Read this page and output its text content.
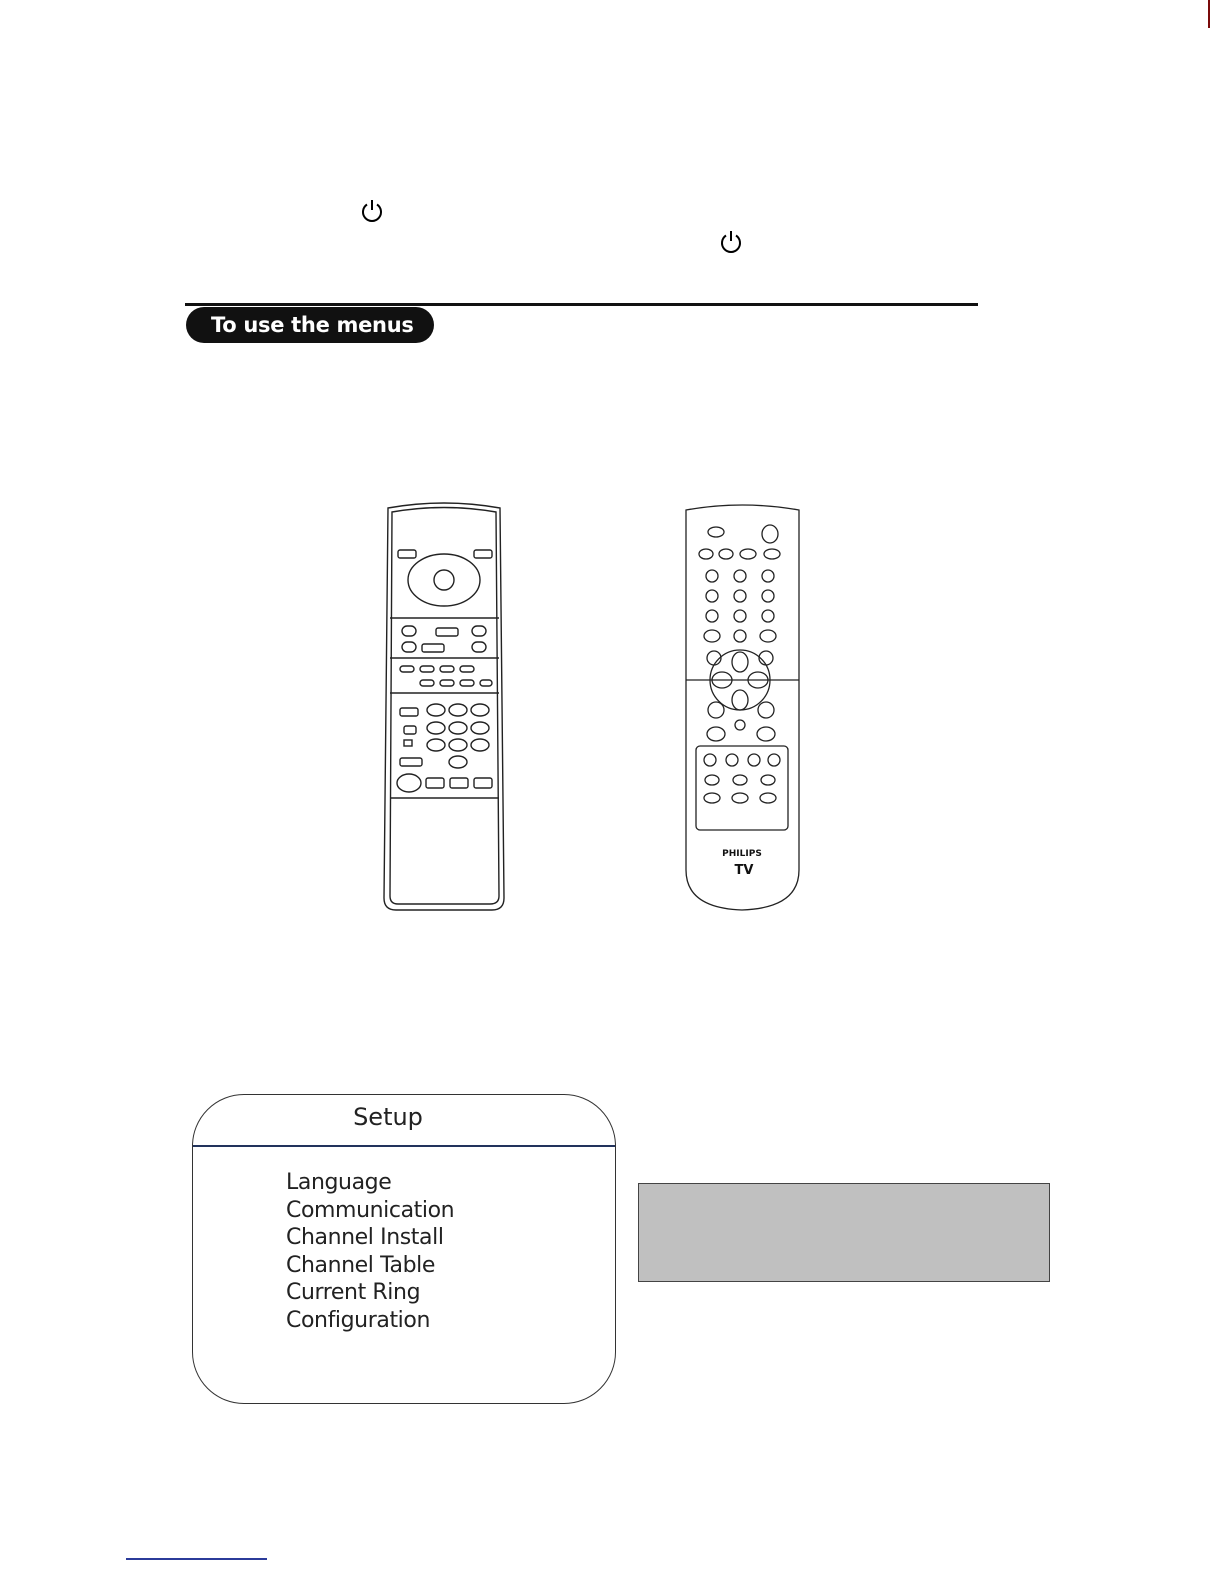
To use the menus
PHILIPS
TV
Setup
Language
Communication
Channel Install
Channel Table
Current Ring
Configuration
